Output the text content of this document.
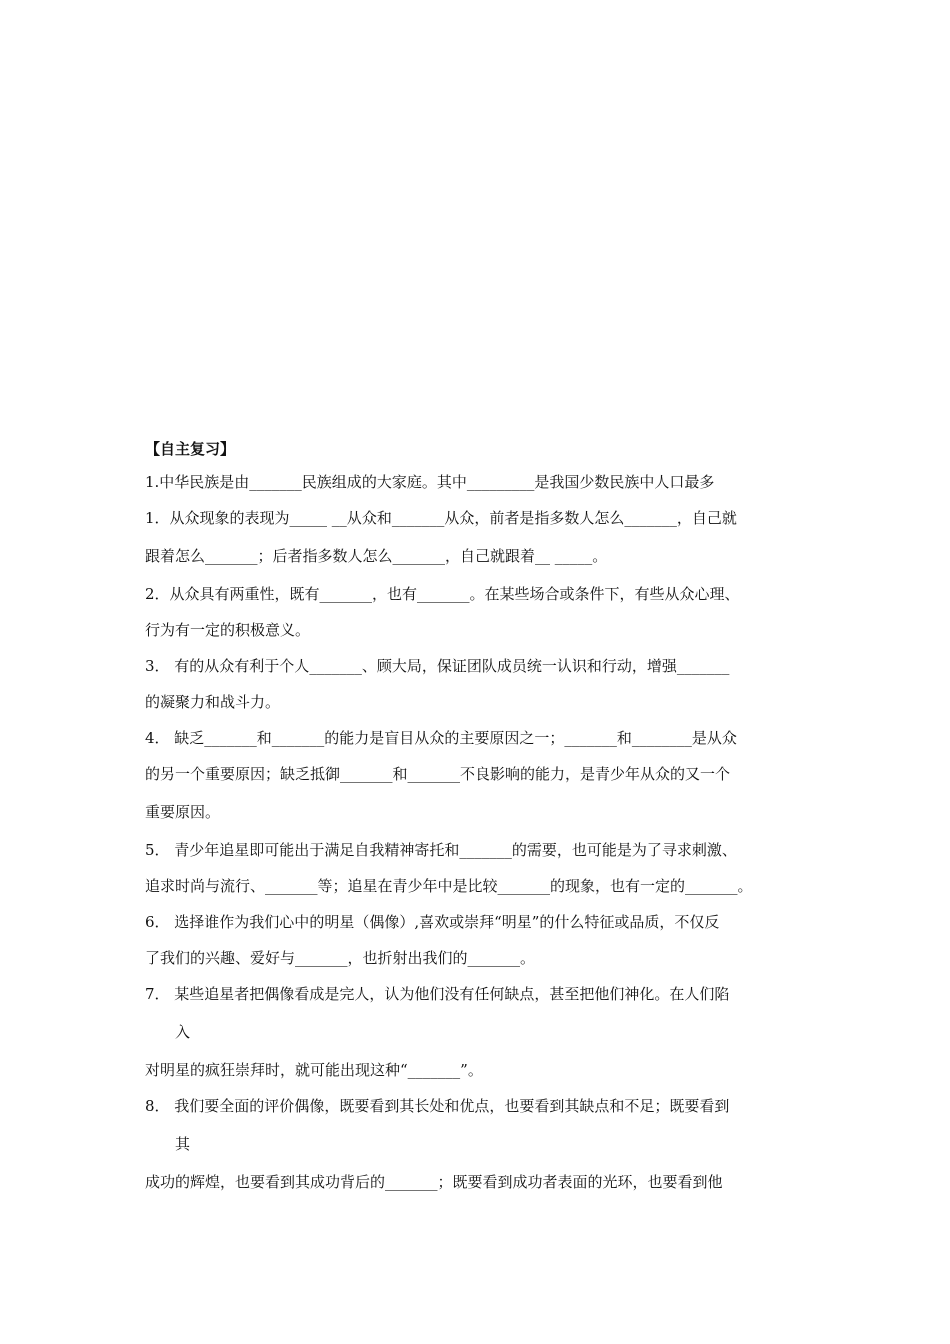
【自主复习】
1.中华民族是由_______民族组成的大家庭。其中_________是我国少数民族中人口最多
1．从众现象的表现为_____ __从众和_______从众，前者是指多数人怎么_______，自己就
跟着怎么_______；后者指多数人怎么_______，自己就跟着__ _____。
2．从众具有两重性，既有_______，也有_______。在某些场合或条件下，有些从众心理、
行为有一定的积极意义。
3． 有的从众有利于个人_______、顾大局，保证团队成员统一认识和行动，增强_______
的凝聚力和战斗力。
4． 缺乏_______和_______的能力是盲目从众的主要原因之一；_______和________是从众
的另一个重要原因；缺乏抵御_______和_______不良影响的能力，是青少年从众的又一个
重要原因。
5． 青少年追星即可能出于满足自我精神寄托和_______的需要，也可能是为了寻求刺激、
追求时尚与流行、_______等；追星在青少年中是比较_______的现象，也有一定的_______。
6． 选择谁作为我们心中的明星（偶像）,喜欢或崇拜“明星”的什么特征或品质，不仅反
了我们的兴趣、爱好与_______，也折射出我们的_______。
7． 某些追星者把偶像看成是完人，认为他们没有任何缺点，甚至把他们神化。在人们陷
入
对明星的疯狂崇拜时，就可能出现这种“_______”。
8． 我们要全面的评价偶像，既要看到其长处和优点，也要看到其缺点和不足；既要看到
其
成功的辉煌，也要看到其成功背后的_______；既要看到成功者表面的光环，也要看到他
